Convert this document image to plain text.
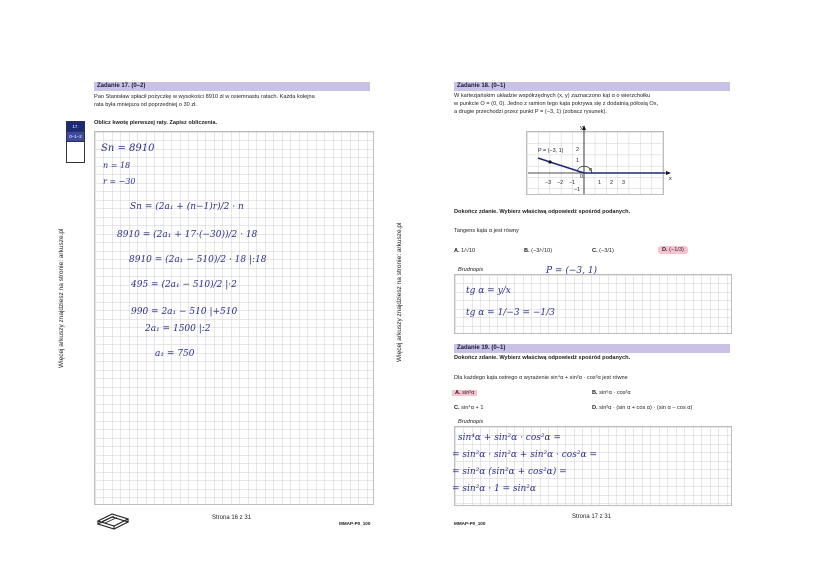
Więcej arkuszy znajdziesz na stronie: arkusze.pl
Zadanie 17. (0–2)
Pan Stanisław spłacił pożyczkę w wysokości 8910 zł w osiemnastu ratach. Każda kolejna
rata była mniejsza od poprzedniej o 30 zł.
Oblicz kwotę pierwszej raty. Zapisz obliczenia.
17.
0–1–2
Sn = 8910
n = 18
r = −30
Sn = (2a₁ + (n−1)r)/2 · n
8910 = (2a₁ + 17·(−30))/2 · 18
8910 = (2a₁ − 510)/2 · 18 |:18
495 = (2a₁ − 510)/2 |·2
990 = 2a₁ − 510 |+510
2a₁ = 1500 |:2
a₁ = 750
Strona 16 z 31
MMAP-P0_100
Więcej arkuszy znajdziesz na stronie: arkusze.pl
Zadanie 18. (0–1)
W kartezjańskim układzie współrzędnych (x, y) zaznaczono kąt α o wierzchołku
w punkcie O = (0, 0). Jedno z ramion tego kąta pokrywa się z dodatnią półosią Ox,
a drugie przechodzi przez punkt P = (−3, 1) (zobacz rysunek).
P = (−3, 1)
y
x
α
0
−3 −2 −1	1 2 3
2
1
−1
Dokończ zdanie. Wybierz właściwą odpowiedź spośród podanych.
Tangens kąta α jest równy
A. 1/√10	B. (−3/√10)	C. (−3/1)	D. (−1/3)
Brudnopis	P = (−3, 1)
tg α = y/x
tg α = 1/−3 = −1/3
Zadanie 19. (0–1)
Dokończ zdanie. Wybierz właściwą odpowiedź spośród podanych.
Dla każdego kąta ostrego α wyrażenie sin⁴α + sin²α · cos²α jest równe
A. sin²α	B. sin⁶α · cos²α
C. sin⁴α + 1	D. sin²α · (sin α + cos α) · (sin α − cos α)
Brudnopis
sin⁴α + sin²α · cos²α =
= sin²α · sin²α + sin²α · cos²α =
= sin²α (sin²α + cos²α) =
= sin²α · 1 = sin²α
MMAP-P0_100
Strona 17 z 31
